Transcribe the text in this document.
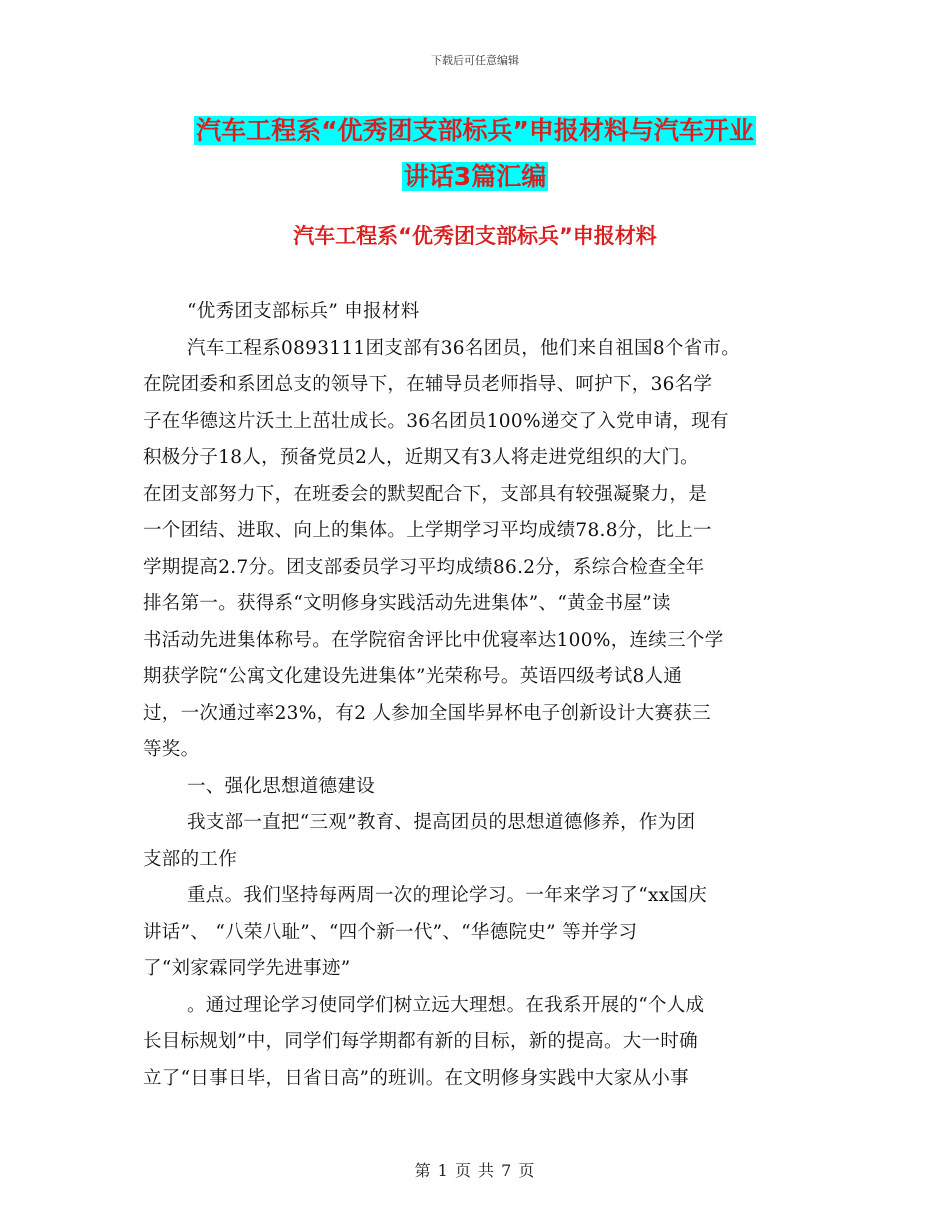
下载后可任意编辑
汽车工程系“优秀团支部标兵”申报材料与汽车开业
讲话3篇汇编
汽车工程系“优秀团支部标兵”申报材料
“优秀团支部标兵” 申报材料
汽车工程系0893111团支部有36名团员，他们来自祖国8个省市。
在院团委和系团总支的领导下，在辅导员老师指导、呵护下，36名学
子在华德这片沃土上茁壮成长。36名团员100%递交了入党申请，现有
积极分子18人，预备党员2人，近期又有3人将走进党组织的大门。
在团支部努力下，在班委会的默契配合下，支部具有较强凝聚力，是
一个团结、进取、向上的集体。上学期学习平均成绩78.8分，比上一
学期提高2.7分。团支部委员学习平均成绩86.2分，系综合检查全年
排名第一。获得系“文明修身实践活动先进集体”、“黄金书屋”读
书活动先进集体称号。在学院宿舍评比中优寝率达100%，连续三个学
期获学院“公寓文化建设先进集体”光荣称号。英语四级考试8人通
过，一次通过率23%，有2 人参加全国毕昇杯电子创新设计大赛获三
等奖。
一、强化思想道德建设
我支部一直把“三观”教育、提高团员的思想道德修养，作为团
支部的工作
重点。我们坚持每两周一次的理论学习。一年来学习了“xx国庆
讲话”、 “八荣八耻”、“四个新一代”、“华德院史” 等并学习
了“刘家霖同学先进事迹”
。通过理论学习使同学们树立远大理想。在我系开展的“个人成
长目标规划”中，同学们每学期都有新的目标，新的提高。大一时确
立了“日事日毕，日省日高”的班训。在文明修身实践中大家从小事
第 1 页 共 7 页
